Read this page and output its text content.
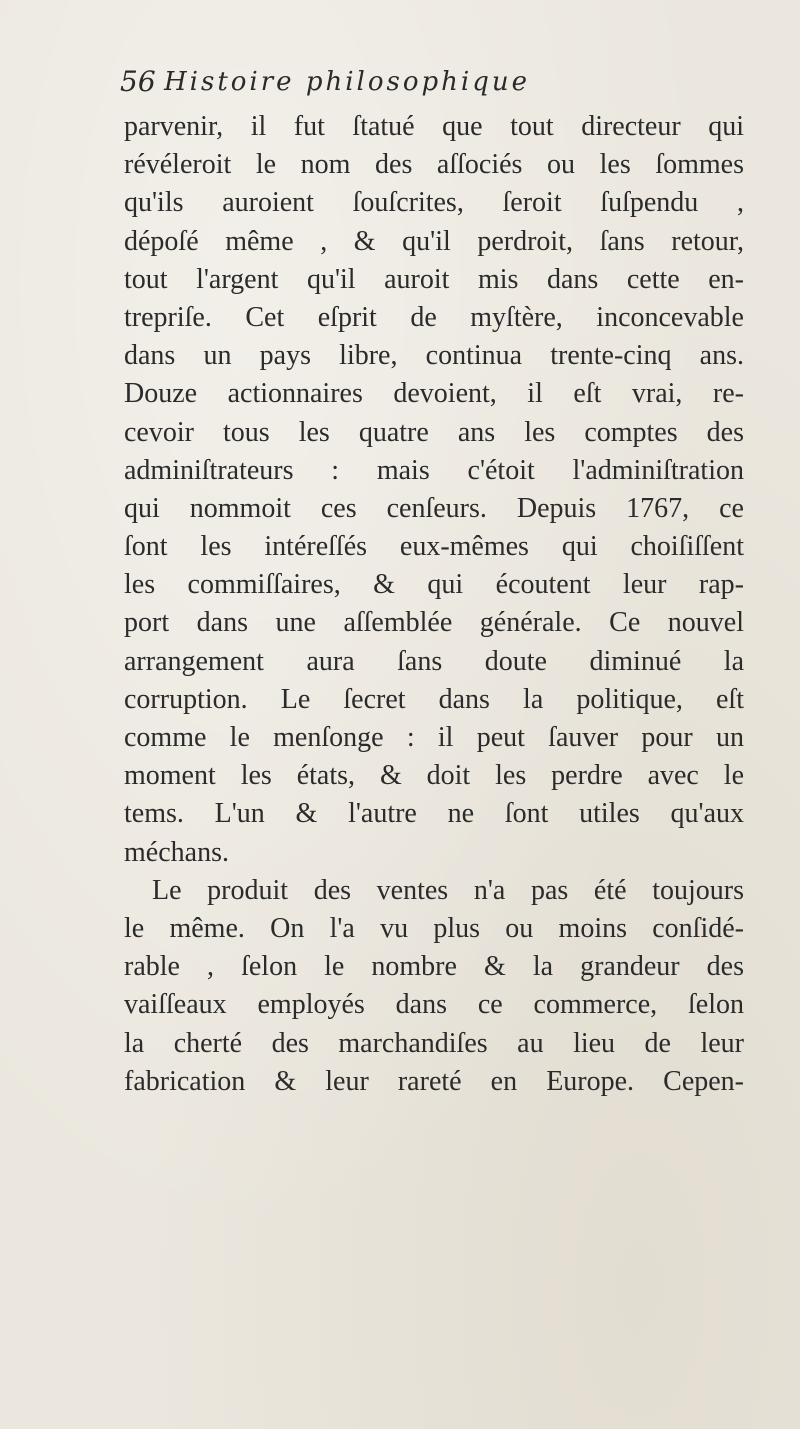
56 Histoire philosophique
parvenir, il fut ſtatué que tout directeur qui
révéleroit le nom des aſſociés ou les ſommes
qu'ils auroient ſouſcrites, ſeroit ſuſpendu ,
dépoſé même , & qu'il perdroit, ſans retour,
tout l'argent qu'il auroit mis dans cette en-
trepriſe. Cet eſprit de myſtère, inconcevable
dans un pays libre, continua trente-cinq ans.
Douze actionnaires devoient, il eſt vrai, re-
cevoir tous les quatre ans les comptes des
adminiſtrateurs : mais c'étoit l'adminiſtration
qui nommoit ces cenſeurs. Depuis 1767, ce
ſont les intéreſſés eux-mêmes qui choiſiſſent
les commiſſaires, & qui écoutent leur rap-
port dans une aſſemblée générale. Ce nouvel
arrangement aura ſans doute diminué la
corruption. Le ſecret dans la politique, eſt
comme le menſonge : il peut ſauver pour un
moment les états, & doit les perdre avec le
tems. L'un & l'autre ne ſont utiles qu'aux
méchans.
Le produit des ventes n'a pas été toujours
le même. On l'a vu plus ou moins conſidé-
rable , ſelon le nombre & la grandeur des
vaiſſeaux employés dans ce commerce, ſelon
la cherté des marchandiſes au lieu de leur
fabrication & leur rareté en Europe. Cepen-
